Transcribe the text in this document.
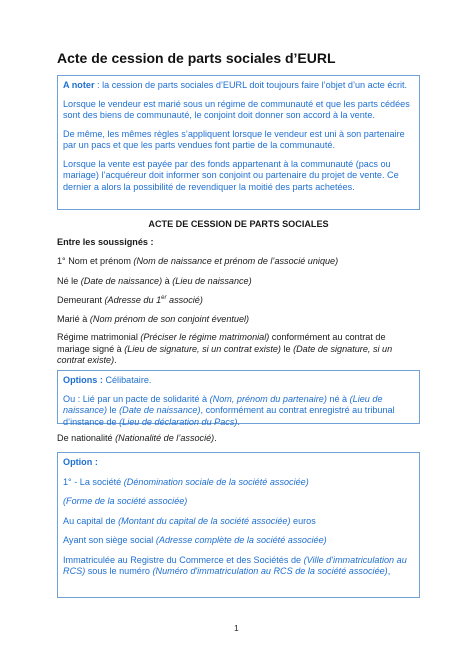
Acte de cession de parts sociales d’EURL

A noter : la cession de parts sociales d’EURL doit toujours faire l’objet d’un acte écrit.

Lorsque le vendeur est marié sous un régime de communauté et que les parts cédées sont des biens de communauté, le conjoint doit donner son accord à la vente.

De même, les mêmes règles s’appliquent lorsque le vendeur est uni à son partenaire par un pacs et que les parts vendues font partie de la communauté.

Lorsque la vente est payée par des fonds appartenant à la communauté (pacs ou mariage) l’acquéreur doit informer son conjoint ou partenaire du projet de vente. Ce dernier a alors la possibilité de revendiquer la moitié des parts achetées.

ACTE DE CESSION DE PARTS SOCIALES

Entre les soussignés :

1° Nom et prénom (Nom de naissance et prénom de l’associé unique)

Né le (Date de naissance) à (Lieu de naissance)

Demeurant (Adresse du 1er associé)

Marié à (Nom prénom de son conjoint éventuel)

Régime matrimonial (Préciser le régime matrimonial) conformément au contrat de mariage signé à (Lieu de signature, si un contrat existe) le (Date de signature, si un contrat existe).

Options : Célibataire.

Ou : Lié par un pacte de solidarité à (Nom, prénom du partenaire) né à (Lieu de naissance) le (Date de naissance), conformément au contrat enregistré au tribunal d’instance de (Lieu de déclaration du Pacs).

De nationalité (Nationalité de l’associé).

Option :

1° - La société (Dénomination sociale de la société associée)

(Forme de la société associée)

Au capital de (Montant du capital de la société associée) euros

Ayant son siège social (Adresse complète de la société associée)

Immatriculée au Registre du Commerce et des Sociétés de (Ville d'immatriculation au RCS) sous le numéro (Numéro d'immatriculation au RCS de la société associée),

1
